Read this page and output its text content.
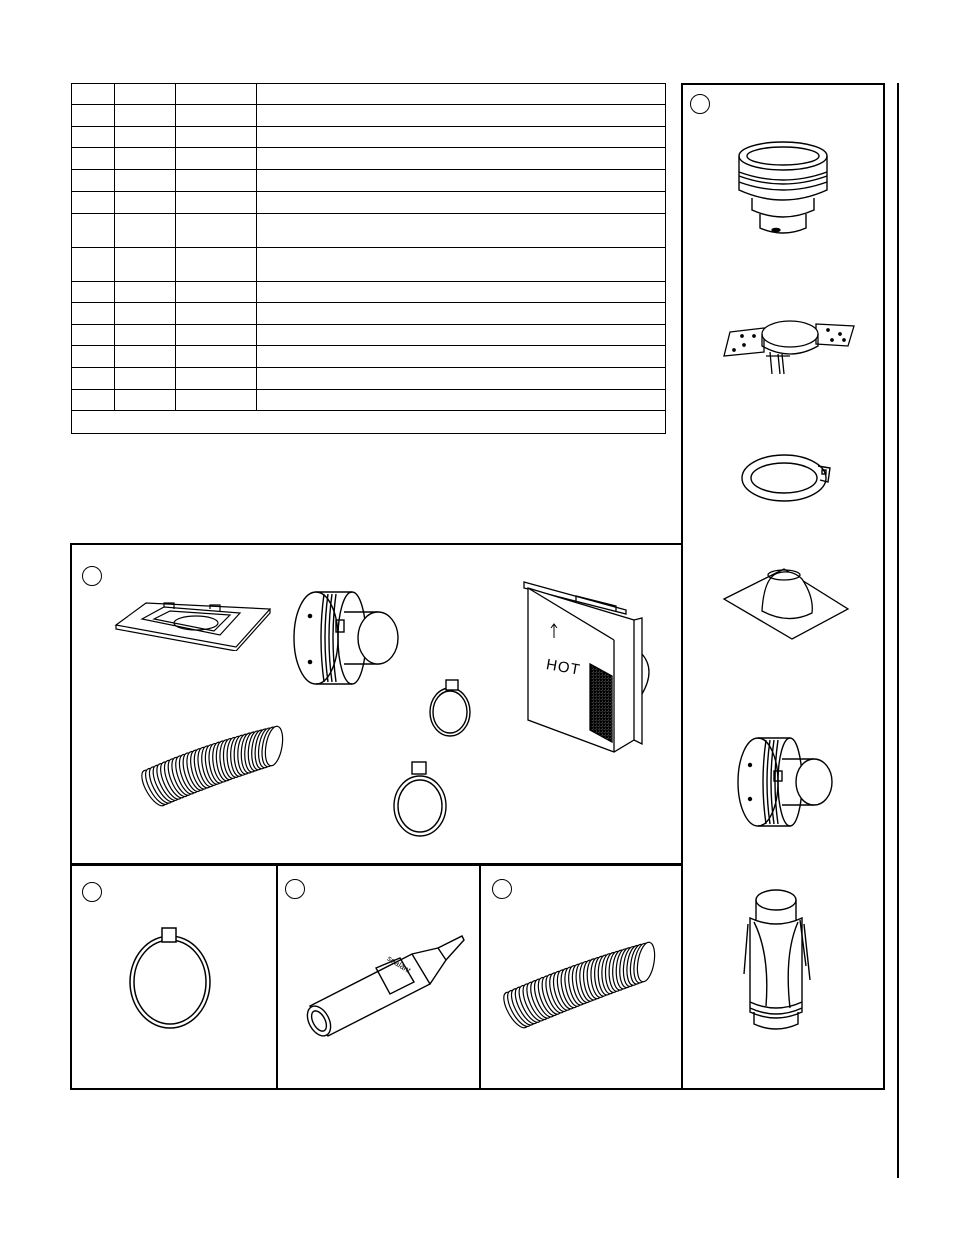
HOT
sealant
